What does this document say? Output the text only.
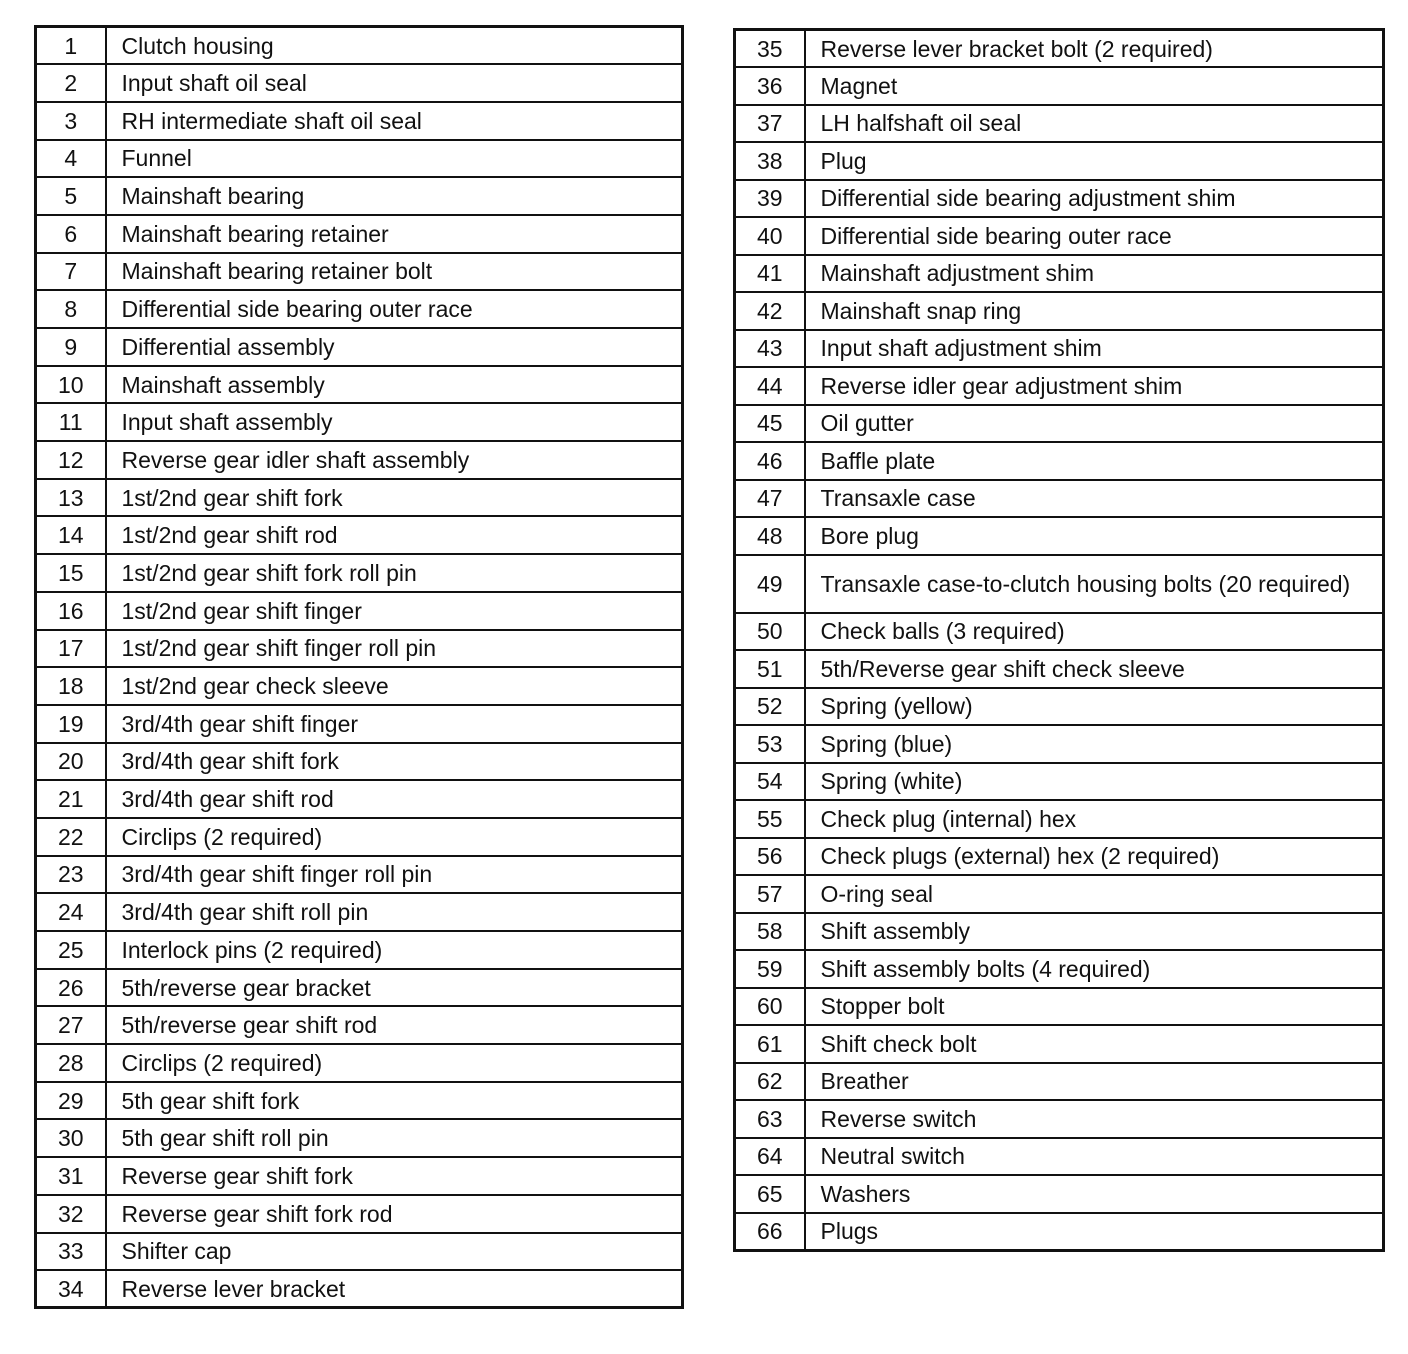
1	Clutch housing
2	Input shaft oil seal
3	RH intermediate shaft oil seal
4	Funnel
5	Mainshaft bearing
6	Mainshaft bearing retainer
7	Mainshaft bearing retainer bolt
8	Differential side bearing outer race
9	Differential assembly
10	Mainshaft assembly
11	Input shaft assembly
12	Reverse gear idler shaft assembly
13	1st/2nd gear shift fork
14	1st/2nd gear shift rod
15	1st/2nd gear shift fork roll pin
16	1st/2nd gear shift finger
17	1st/2nd gear shift finger roll pin
18	1st/2nd gear check sleeve
19	3rd/4th gear shift finger
20	3rd/4th gear shift fork
21	3rd/4th gear shift rod
22	Circlips (2 required)
23	3rd/4th gear shift finger roll pin
24	3rd/4th gear shift roll pin
25	Interlock pins (2 required)
26	5th/reverse gear bracket
27	5th/reverse gear shift rod
28	Circlips (2 required)
29	5th gear shift fork
30	5th gear shift roll pin
31	Reverse gear shift fork
32	Reverse gear shift fork rod
33	Shifter cap
34	Reverse lever bracket
35	Reverse lever bracket bolt (2 required)
36	Magnet
37	LH halfshaft oil seal
38	Plug
39	Differential side bearing adjustment shim
40	Differential side bearing outer race
41	Mainshaft adjustment shim
42	Mainshaft snap ring
43	Input shaft adjustment shim
44	Reverse idler gear adjustment shim
45	Oil gutter
46	Baffle plate
47	Transaxle case
48	Bore plug
49	Transaxle case-to-clutch housing bolts (20 required)
50	Check balls (3 required)
51	5th/Reverse gear shift check sleeve
52	Spring (yellow)
53	Spring (blue)
54	Spring (white)
55	Check plug (internal) hex
56	Check plugs (external) hex (2 required)
57	O-ring seal
58	Shift assembly
59	Shift assembly bolts (4 required)
60	Stopper bolt
61	Shift check bolt
62	Breather
63	Reverse switch
64	Neutral switch
65	Washers
66	Plugs
